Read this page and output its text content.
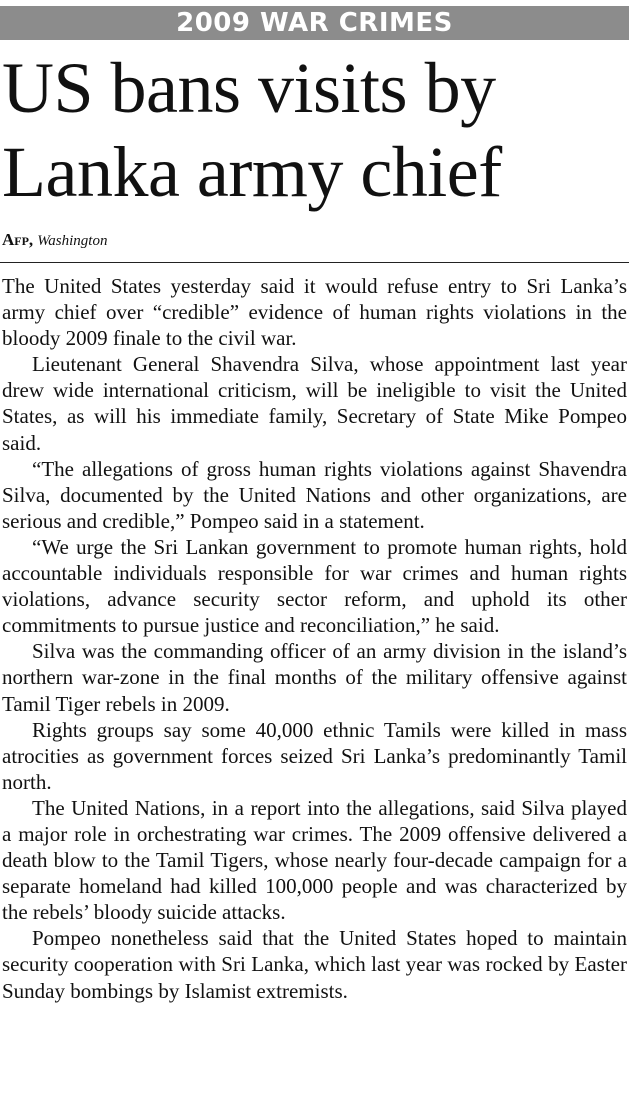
2009 WAR CRIMES
US bans visits by
Lanka army chief
Afp, Washington

The United States yesterday said it would refuse entry to Sri Lanka’s army chief over “credible” evidence of human rights violations in the bloody 2009 finale to the civil war.

Lieutenant General Shavendra Silva, whose appointment last year drew wide international criticism, will be ineligible to visit the United States, as will his immediate family, Secretary of State Mike Pompeo said.

“The allegations of gross human rights violations against Shavendra Silva, documented by the United Nations and other organizations, are serious and credible,” Pompeo said in a statement.

“We urge the Sri Lankan government to promote human rights, hold accountable individuals responsible for war crimes and human rights violations, advance security sector reform, and uphold its other commitments to pursue justice and reconciliation,” he said.

Silva was the commanding officer of an army division in the island’s northern war-zone in the final months of the military offensive against Tamil Tiger rebels in 2009.

Rights groups say some 40,000 ethnic Tamils were killed in mass atrocities as government forces seized Sri Lanka’s predominantly Tamil north.

The United Nations, in a report into the allegations, said Silva played a major role in orchestrating war crimes. The 2009 offensive delivered a death blow to the Tamil Tigers, whose nearly four-decade campaign for a separate homeland had killed 100,000 people and was characterized by the rebels’ bloody suicide attacks.

Pompeo nonetheless said that the United States hoped to maintain security cooperation with Sri Lanka, which last year was rocked by Easter Sunday bombings by Islamist extremists.
